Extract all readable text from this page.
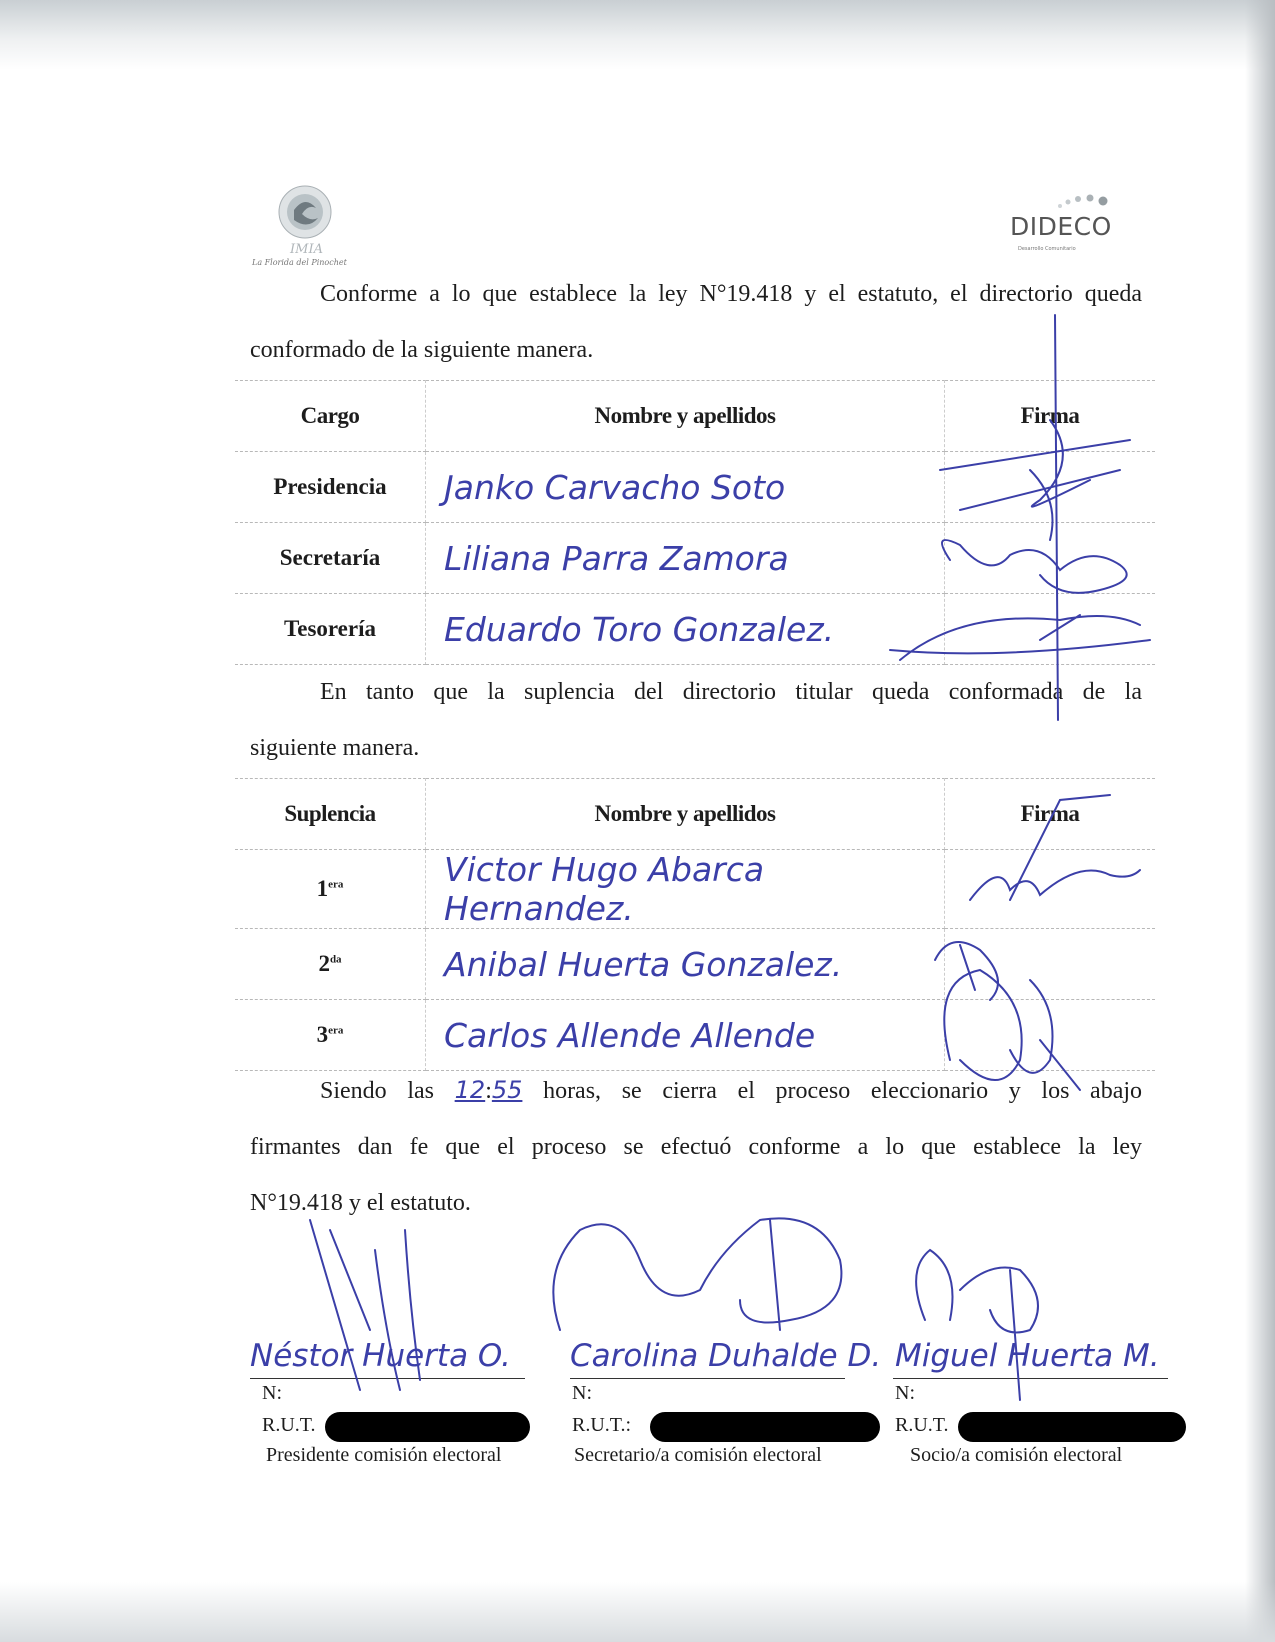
IMIA
La Florida del Pinochet
DIDECO
Desarrollo Comunitario
Conforme a lo que establece la ley N°19.418 y el estatuto, el directorio queda
conformado de la siguiente manera.
Cargo	Nombre y apellidos	Firma
Presidencia	Janko Carvacho Soto	
Secretaría	Liliana Parra Zamora	
Tesorería	Eduardo Toro Gonzalez.	
En tanto que la suplencia del directorio titular queda conformada de la
siguiente manera.
Suplencia	Nombre y apellidos	Firma
$1^{era}$	Victor Hugo Abarca Hernandez.	
$2^{da}$	Anibal Huerta Gonzalez.	
$3^{era}$	Carlos Allende Allende	
Siendo las 12:55 horas, se cierra el proceso eleccionario y los abajo
firmantes dan fe que el proceso se efectuó conforme a lo que establece la ley
N°19.418 y el estatuto.
Néstor Huerta O.
N:
R.U.T.
Presidente comisión electoral
Carolina Duhalde D.
N:
R.U.T.:
Secretario/a comisión electoral
Miguel Huerta M.
N:
R.U.T.
Socio/a comisión electoral
